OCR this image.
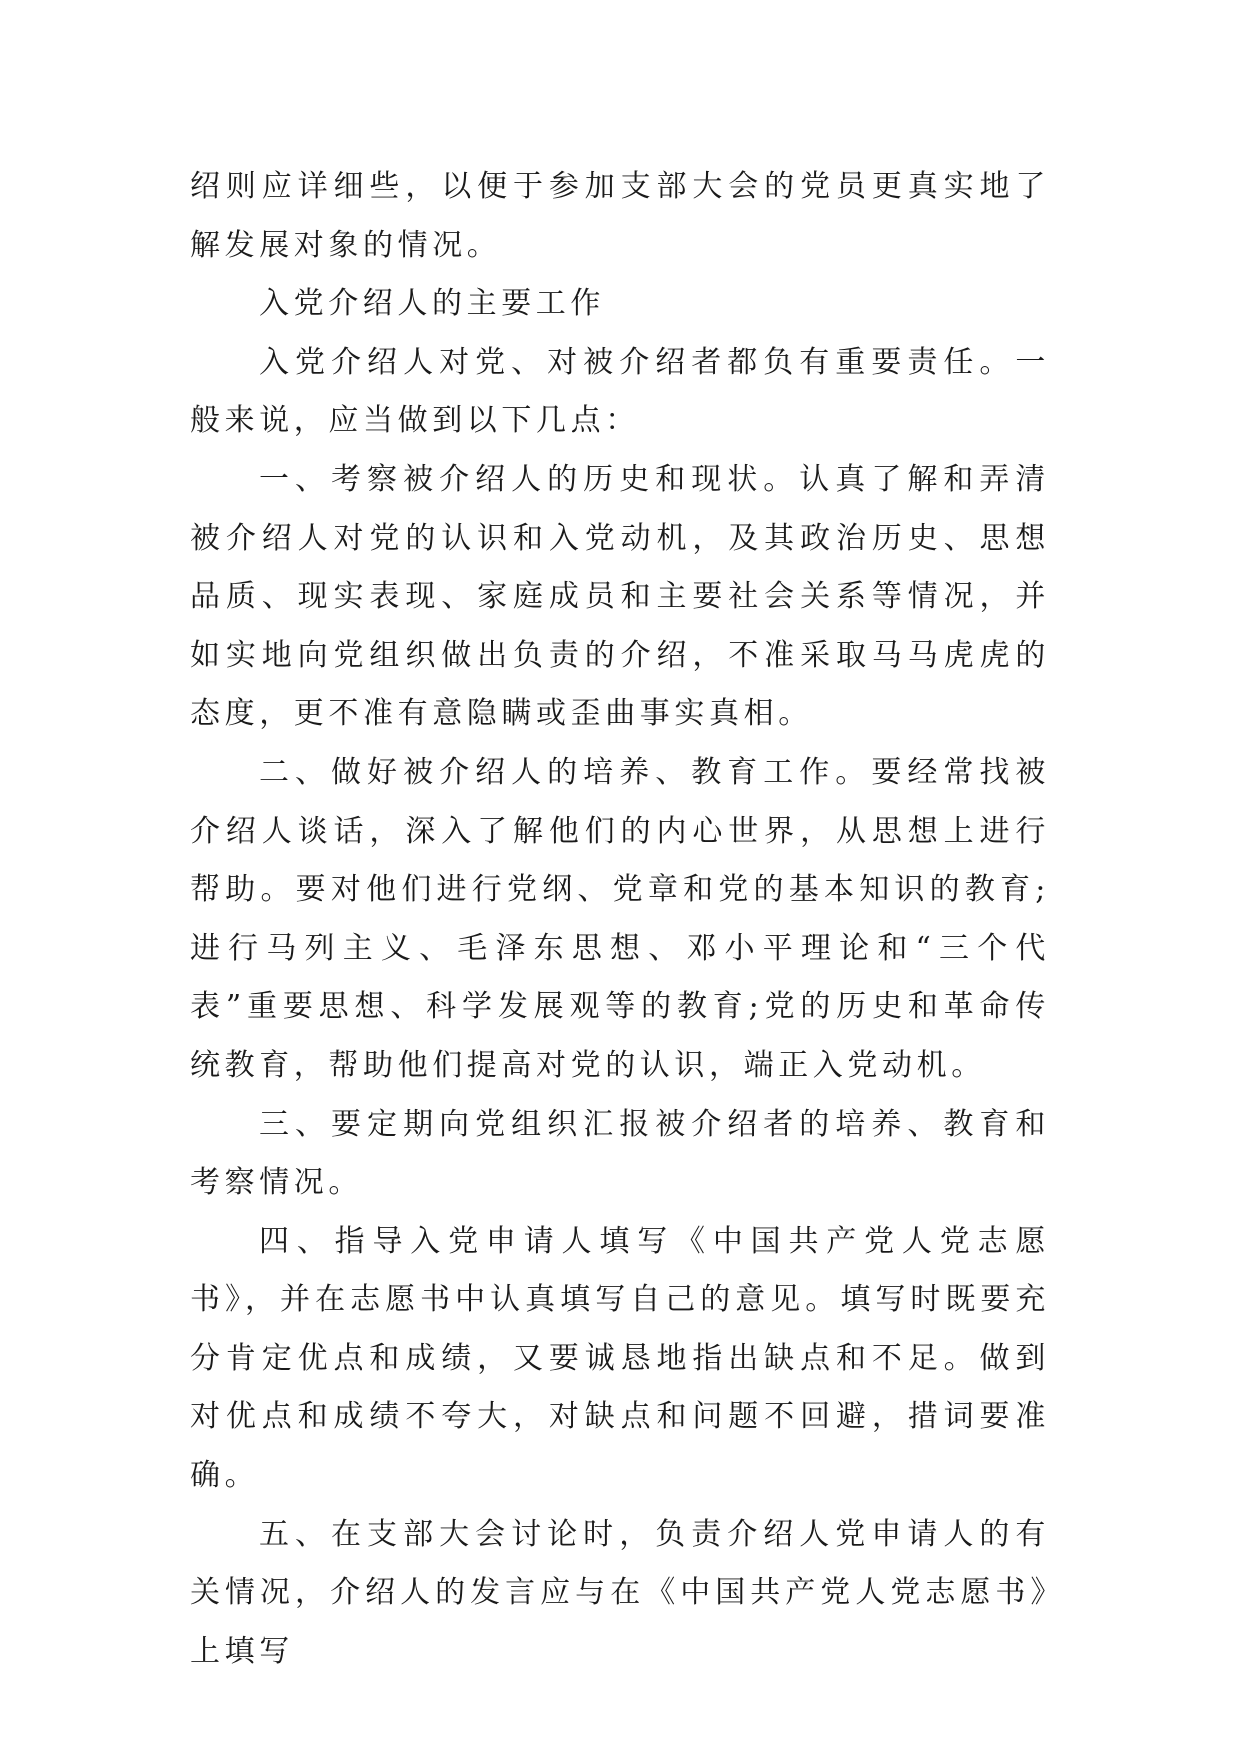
绍则应详细些，以便于参加支部大会的党员更真实地了解发展对象的情况。

入党介绍人的主要工作

入党介绍人对党、对被介绍者都负有重要责任。一般来说，应当做到以下几点：

一、考察被介绍人的历史和现状。认真了解和弄清被介绍人对党的认识和入党动机，及其政治历史、思想品质、现实表现、家庭成员和主要社会关系等情况，并如实地向党组织做出负责的介绍，不准采取马马虎虎的态度，更不准有意隐瞒或歪曲事实真相。

二、做好被介绍人的培养、教育工作。要经常找被介绍人谈话，深入了解他们的内心世界，从思想上进行帮助。要对他们进行党纲、党章和党的基本知识的教育;进行马列主义、毛泽东思想、邓小平理论和“三个代表”重要思想、科学发展观等的教育;党的历史和革命传统教育，帮助他们提高对党的认识，端正入党动机。

三、要定期向党组织汇报被介绍者的培养、教育和考察情况。

四、指导入党申请人填写《中国共产党人党志愿书》，并在志愿书中认真填写自己的意见。填写时既要充分肯定优点和成绩，又要诚恳地指出缺点和不足。做到对优点和成绩不夸大，对缺点和问题不回避，措词要准确。

五、在支部大会讨论时，负责介绍人党申请人的有关情况，介绍人的发言应与在《中国共产党人党志愿书》上填写
